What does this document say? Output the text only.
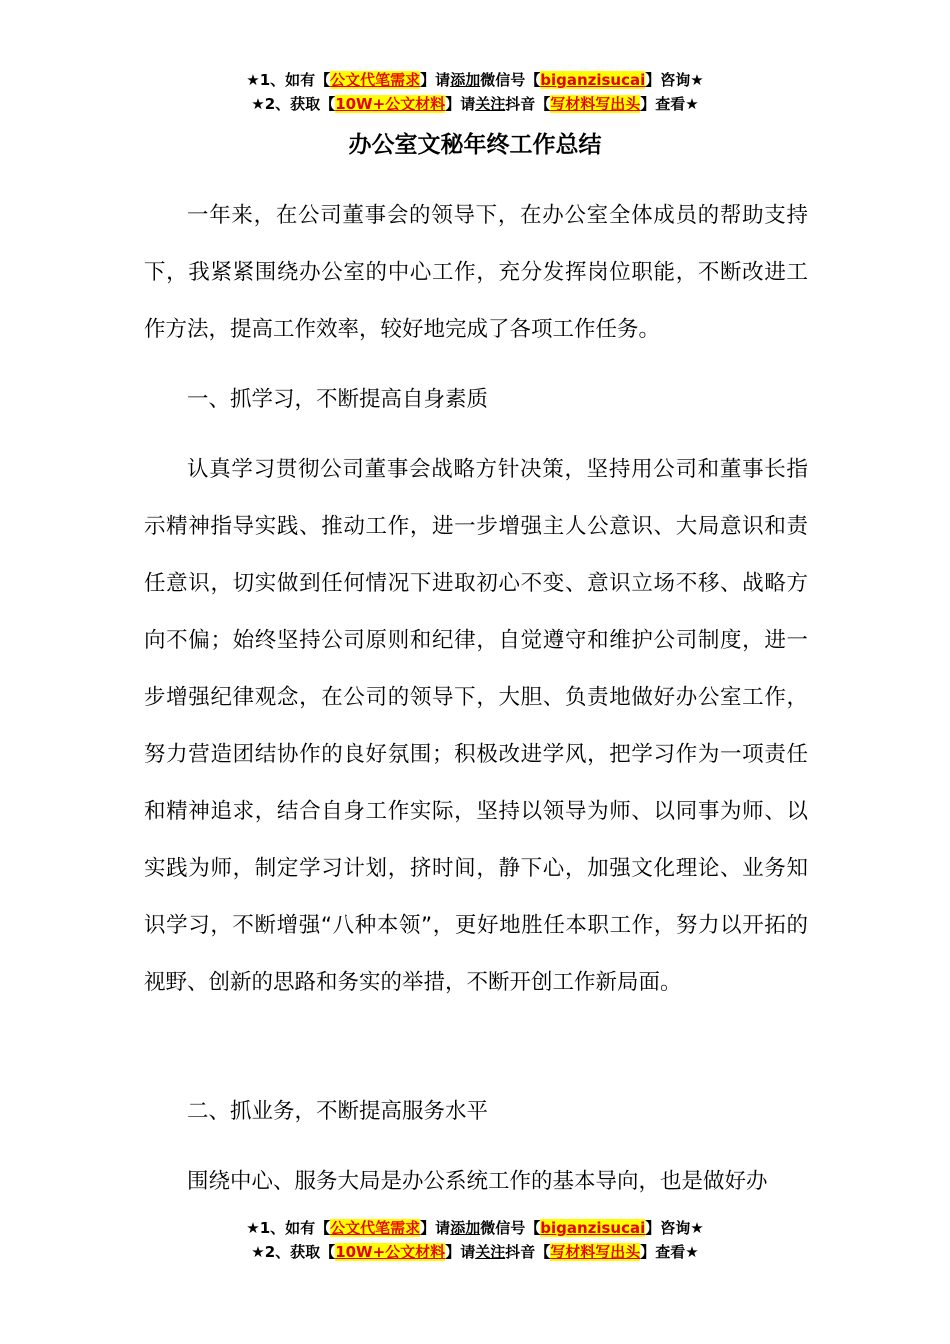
★1、如有【公文代笔需求】请添加微信号【biganzisucai】咨询★
★2、获取【10W+公文材料】请关注抖音【写材料写出头】查看★
办公室文秘年终工作总结

一年来，在公司董事会的领导下，在办公室全体成员的帮助支持下，我紧紧围绕办公室的中心工作，充分发挥岗位职能，不断改进工作方法，提高工作效率，较好地完成了各项工作任务。

一、抓学习，不断提高自身素质

认真学习贯彻公司董事会战略方针决策，坚持用公司和董事长指示精神指导实践、推动工作，进一步增强主人公意识、大局意识和责任意识，切实做到任何情况下进取初心不变、意识立场不移、战略方向不偏；始终坚持公司原则和纪律，自觉遵守和维护公司制度，进一步增强纪律观念，在公司的领导下，大胆、负责地做好办公室工作，努力营造团结协作的良好氛围；积极改进学风，把学习作为一项责任和精神追求，结合自身工作实际，坚持以领导为师、以同事为师、以实践为师，制定学习计划，挤时间，静下心，加强文化理论、业务知识学习，不断增强“八种本领”，更好地胜任本职工作，努力以开拓的视野、创新的思路和务实的举措，不断开创工作新局面。

二、抓业务，不断提高服务水平

围绕中心、服务大局是办公系统工作的基本导向，也是做好办

★1、如有【公文代笔需求】请添加微信号【biganzisucai】咨询★
★2、获取【10W+公文材料】请关注抖音【写材料写出头】查看★
